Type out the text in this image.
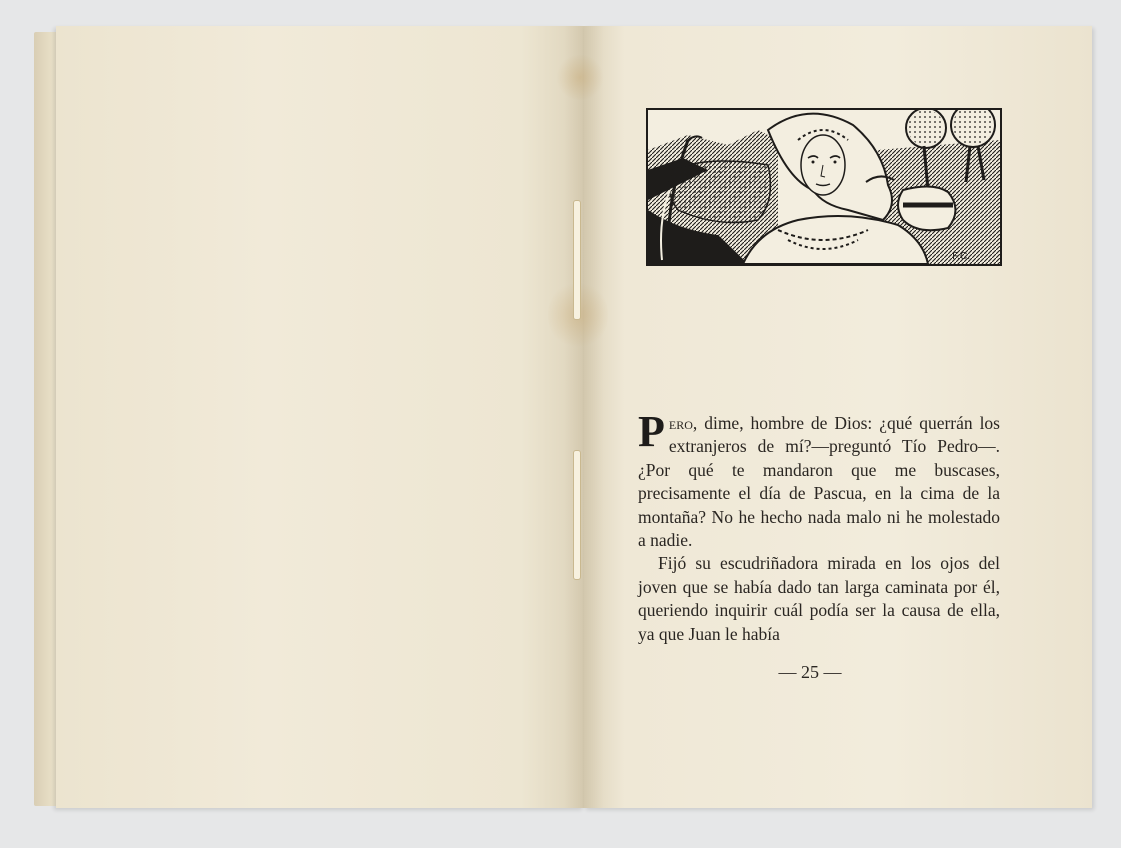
F.C.

Pero, dime, hombre de Dios: ¿qué querrán los extranjeros de mí?—preguntó Tío Pedro—. ¿Por qué te mandaron que me buscases, precisamente el día de Pascua, en la cima de la montaña? No he hecho nada malo ni he molestado a nadie.

Fijó su escudriñadora mirada en los ojos del joven que se había dado tan larga caminata por él, queriendo inquirir cuál podía ser la causa de ella, ya que Juan le había

— 25 —
